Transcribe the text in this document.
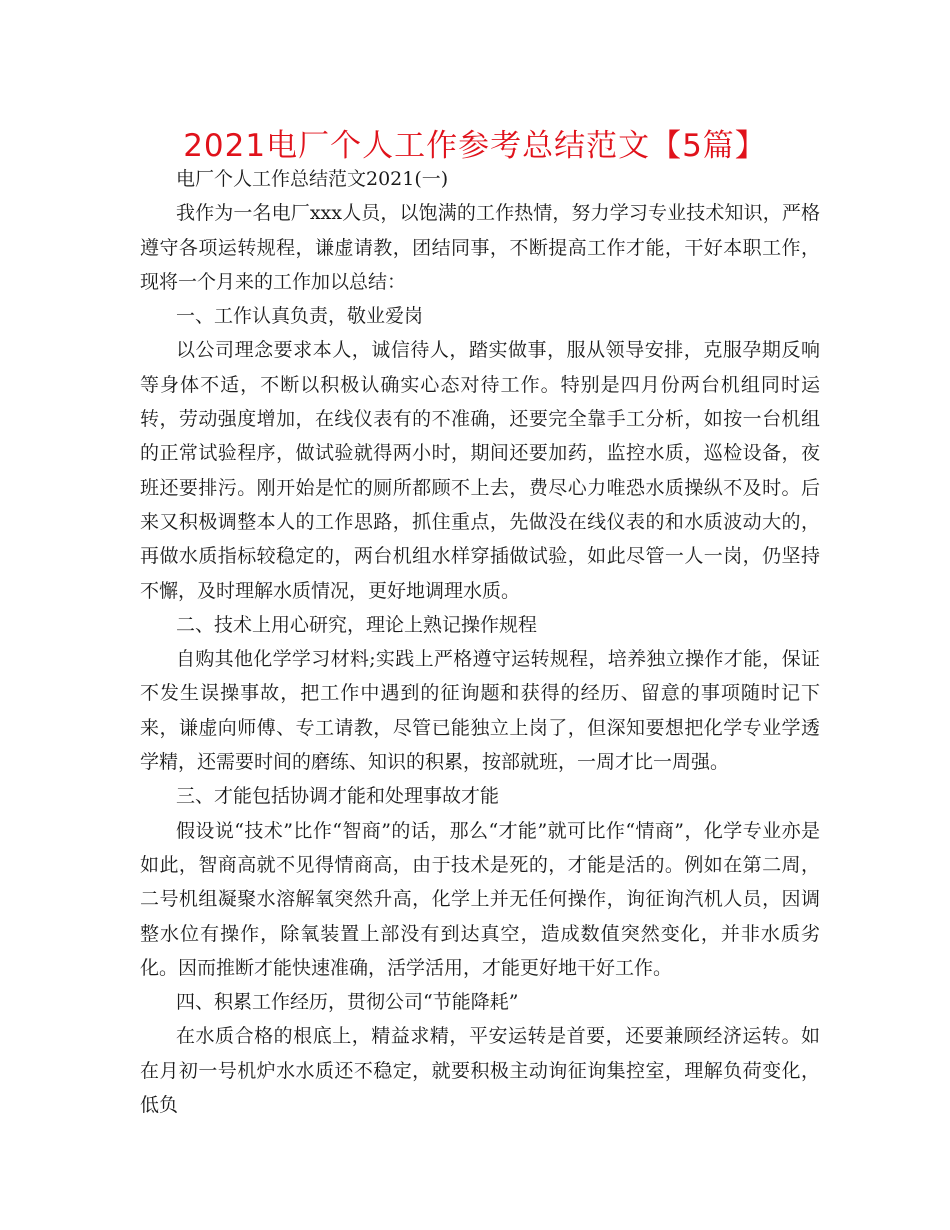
2021电厂个人工作参考总结范文【5篇】

电厂个人工作总结范文2021(一)

我作为一名电厂xxx人员，以饱满的工作热情，努力学习专业技术知识，严格遵守各项运转规程，谦虚请教，团结同事，不断提高工作才能，干好本职工作，现将一个月来的工作加以总结：

一、工作认真负责，敬业爱岗

以公司理念要求本人，诚信待人，踏实做事，服从领导安排，克服孕期反响等身体不适，不断以积极认确实心态对待工作。特别是四月份两台机组同时运转，劳动强度增加，在线仪表有的不准确，还要完全靠手工分析，如按一台机组的正常试验程序，做试验就得两小时，期间还要加药，监控水质，巡检设备，夜班还要排污。刚开始是忙的厕所都顾不上去，费尽心力唯恐水质操纵不及时。后来又积极调整本人的工作思路，抓住重点，先做没在线仪表的和水质波动大的，再做水质指标较稳定的，两台机组水样穿插做试验，如此尽管一人一岗，仍坚持不懈，及时理解水质情况，更好地调理水质。

二、技术上用心研究，理论上熟记操作规程

自购其他化学学习材料;实践上严格遵守运转规程，培养独立操作才能，保证不发生误操事故，把工作中遇到的征询题和获得的经历、留意的事项随时记下来，谦虚向师傅、专工请教，尽管已能独立上岗了，但深知要想把化学专业学透学精，还需要时间的磨练、知识的积累，按部就班，一周才比一周强。

三、才能包括协调才能和处理事故才能

假设说“技术”比作“智商”的话，那么“才能”就可比作“情商”，化学专业亦是如此，智商高就不见得情商高，由于技术是死的，才能是活的。例如在第二周，二号机组凝聚水溶解氧突然升高，化学上并无任何操作，询征询汽机人员，因调整水位有操作，除氧装置上部没有到达真空，造成数值突然变化，并非水质劣化。因而推断才能快速准确，活学活用，才能更好地干好工作。

四、积累工作经历，贯彻公司“节能降耗”

在水质合格的根底上，精益求精，平安运转是首要，还要兼顾经济运转。如在月初一号机炉水水质还不稳定，就要积极主动询征询集控室，理解负荷变化，低负
